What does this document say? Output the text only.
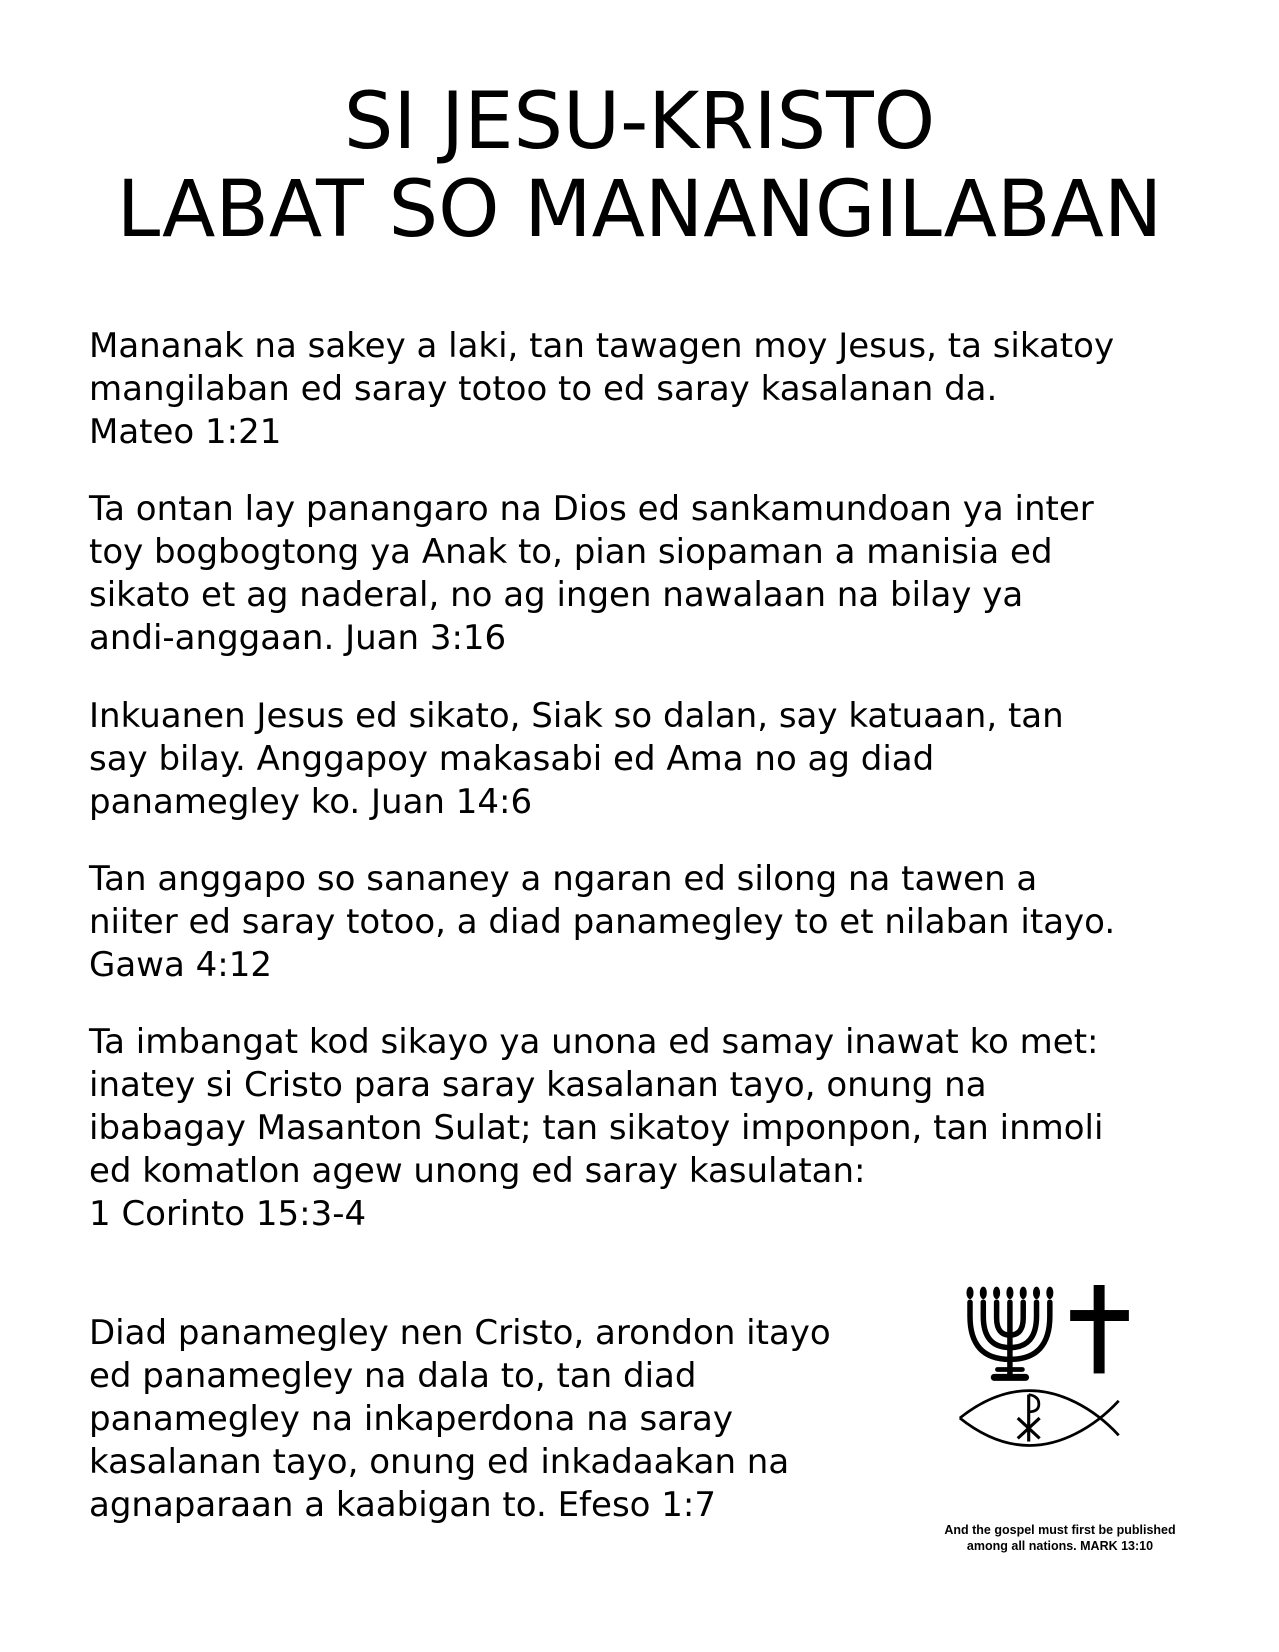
SI JESU-KRISTO
LABAT SO MANANGILABAN

Mananak na sakey a laki, tan tawagen moy Jesus, ta sikatoy
mangilaban ed saray totoo to ed saray kasalanan da.
Mateo 1:21

Ta ontan lay panangaro na Dios ed sankamundoan ya inter
toy bogbogtong ya Anak to, pian siopaman a manisia ed
sikato et ag naderal, no ag ingen nawalaan na bilay ya
andi-anggaan. Juan 3:16

Inkuanen Jesus ed sikato, Siak so dalan, say katuaan, tan
say bilay. Anggapoy makasabi ed Ama no ag diad
panamegley ko. Juan 14:6

Tan anggapo so sananey a ngaran ed silong na tawen a
niiter ed saray totoo, a diad panamegley to et nilaban itayo.
Gawa 4:12

Ta imbangat kod sikayo ya unona ed samay inawat ko met:
inatey si Cristo para saray kasalanan tayo, onung na
ibabagay Masanton Sulat; tan sikatoy imponpon, tan inmoli
ed komatlon agew unong ed saray kasulatan:
1 Corinto 15:3-4

Diad panamegley nen Cristo, arondon itayo
ed panamegley na dala to, tan diad
panamegley na inkaperdona na saray
kasalanan tayo, onung ed inkadaakan na
agnaparaan a kaabigan to. Efeso 1:7

And the gospel must first be published
among all nations. MARK 13:10
